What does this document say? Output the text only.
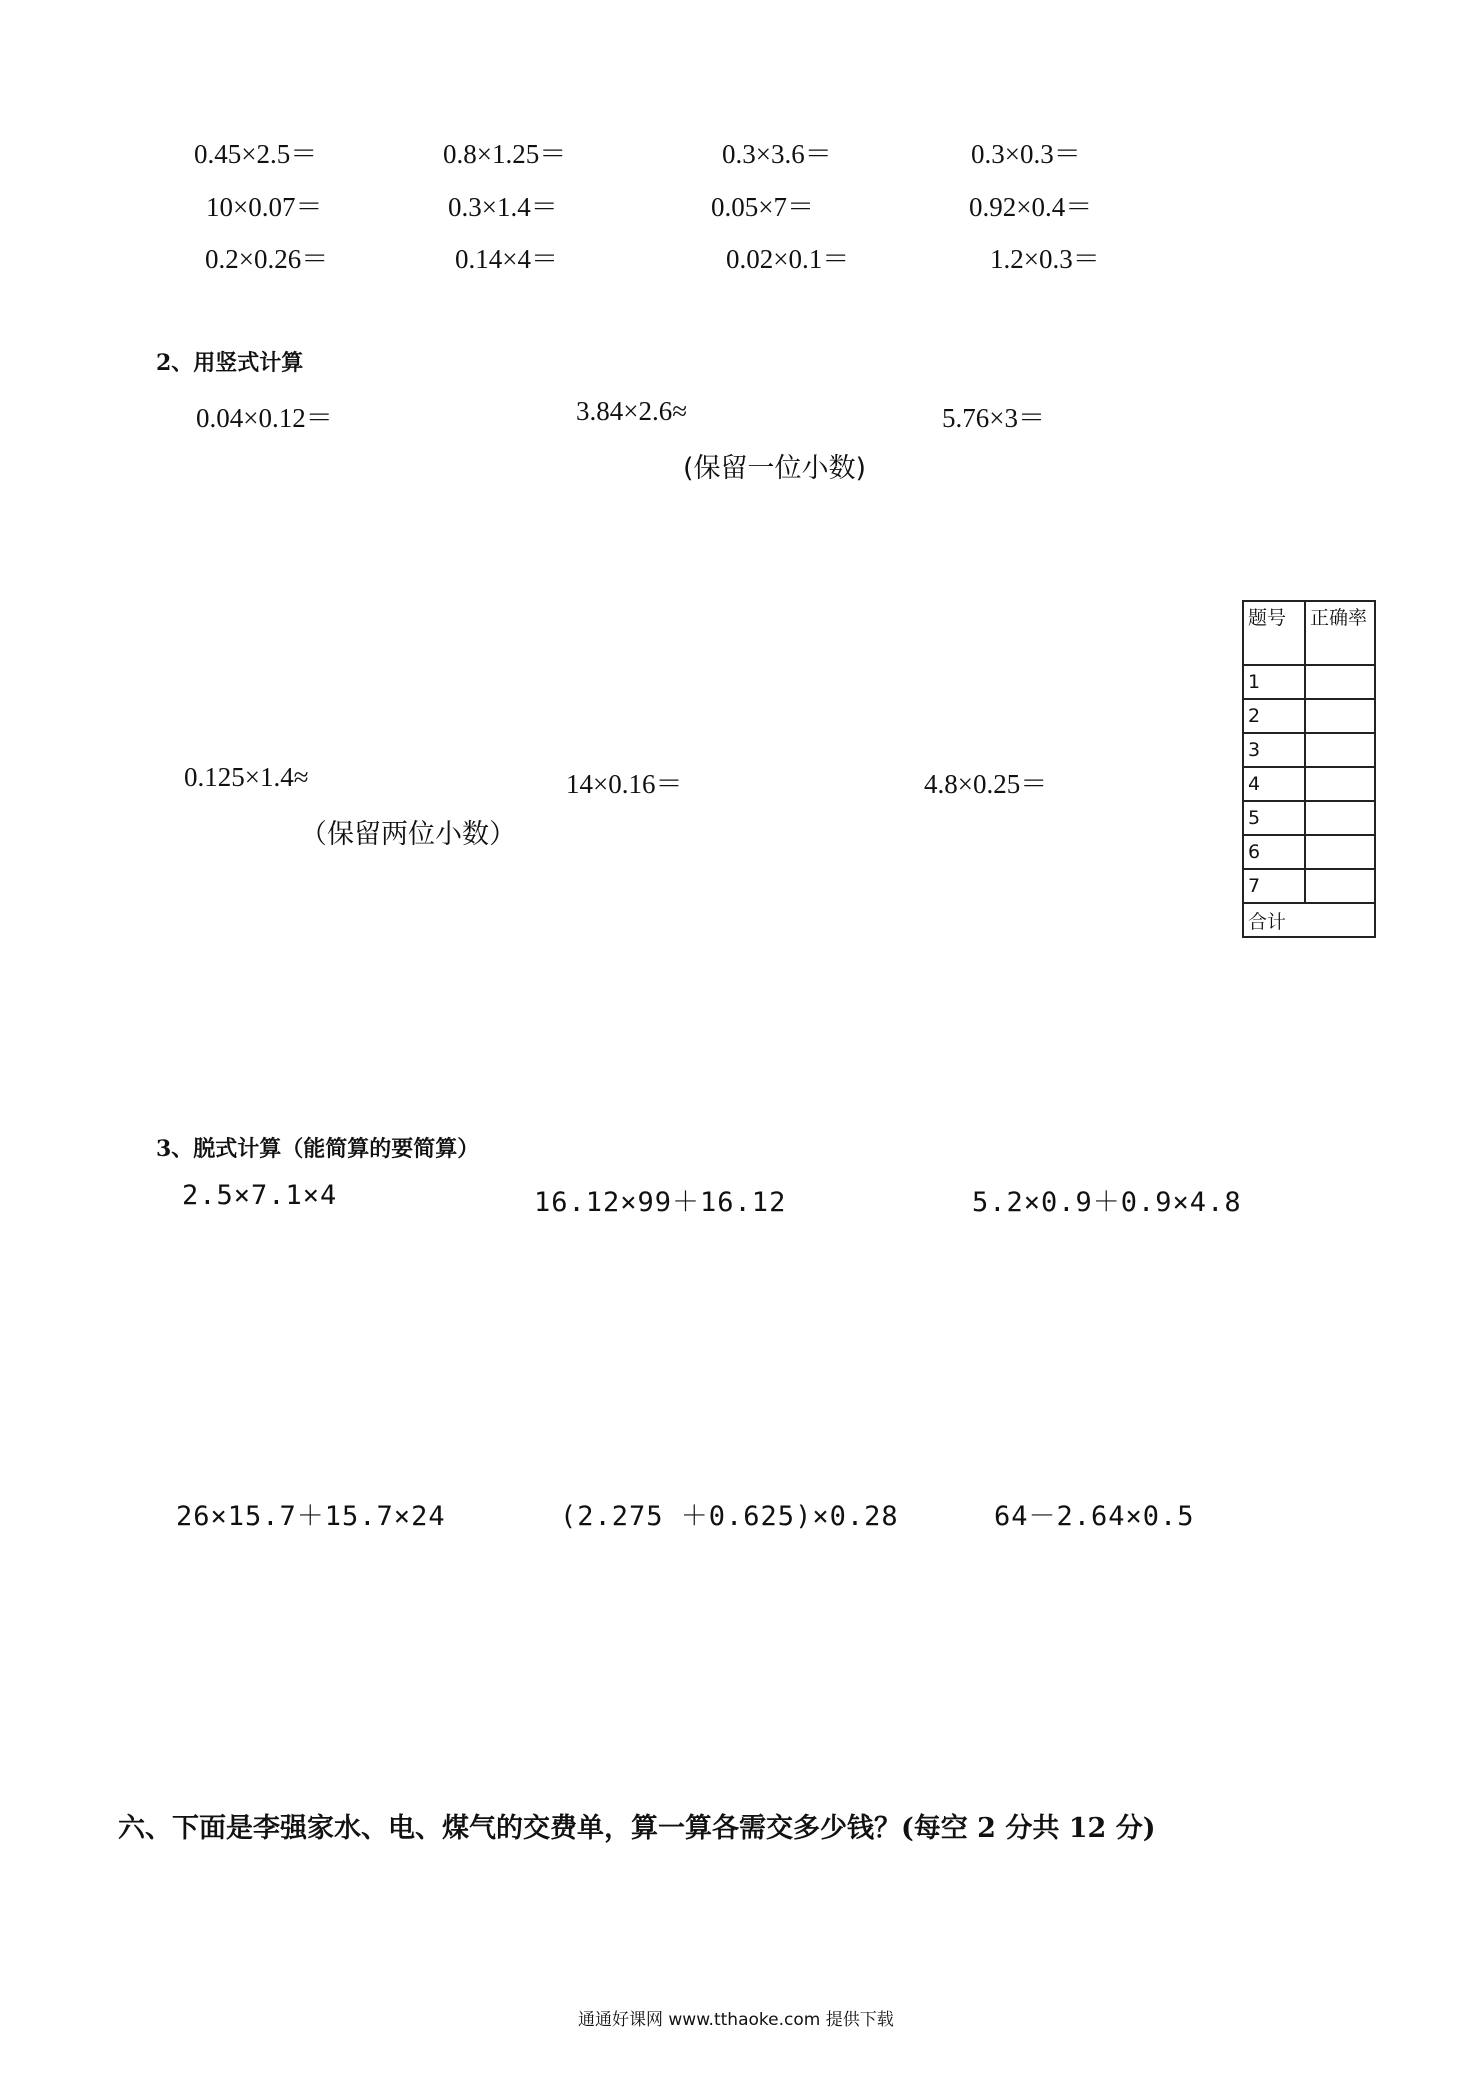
0.45×2.5＝	0.8×1.25＝	0.3×3.6＝	0.3×0.3＝
10×0.07＝	0.3×1.4＝	0.05×7＝	0.92×0.4＝
0.2×0.26＝	0.14×4＝	0.02×0.1＝	1.2×0.3＝
2、用竖式计算
0.04×0.12＝	3.84×2.6≈	5.76×3＝
(保留一位小数)
0.125×1.4≈	14×0.16＝	4.8×0.25＝
（保留两位小数）
题号	正确率
1	
2	
3	
4	
5	
6	
7	
合计	
3、脱式计算（能简算的要简算）
2.5×7.1×4	16.12×99＋16.12	5.2×0.9＋0.9×4.8
26×15.7＋15.7×24	(2.275 ＋0.625)×0.28	64－2.64×0.5
六、下面是李强家水、电、煤气的交费单，算一算各需交多少钱？(每空 2 分共 12 分)
通通好课网 www.tthaoke.com 提供下载
